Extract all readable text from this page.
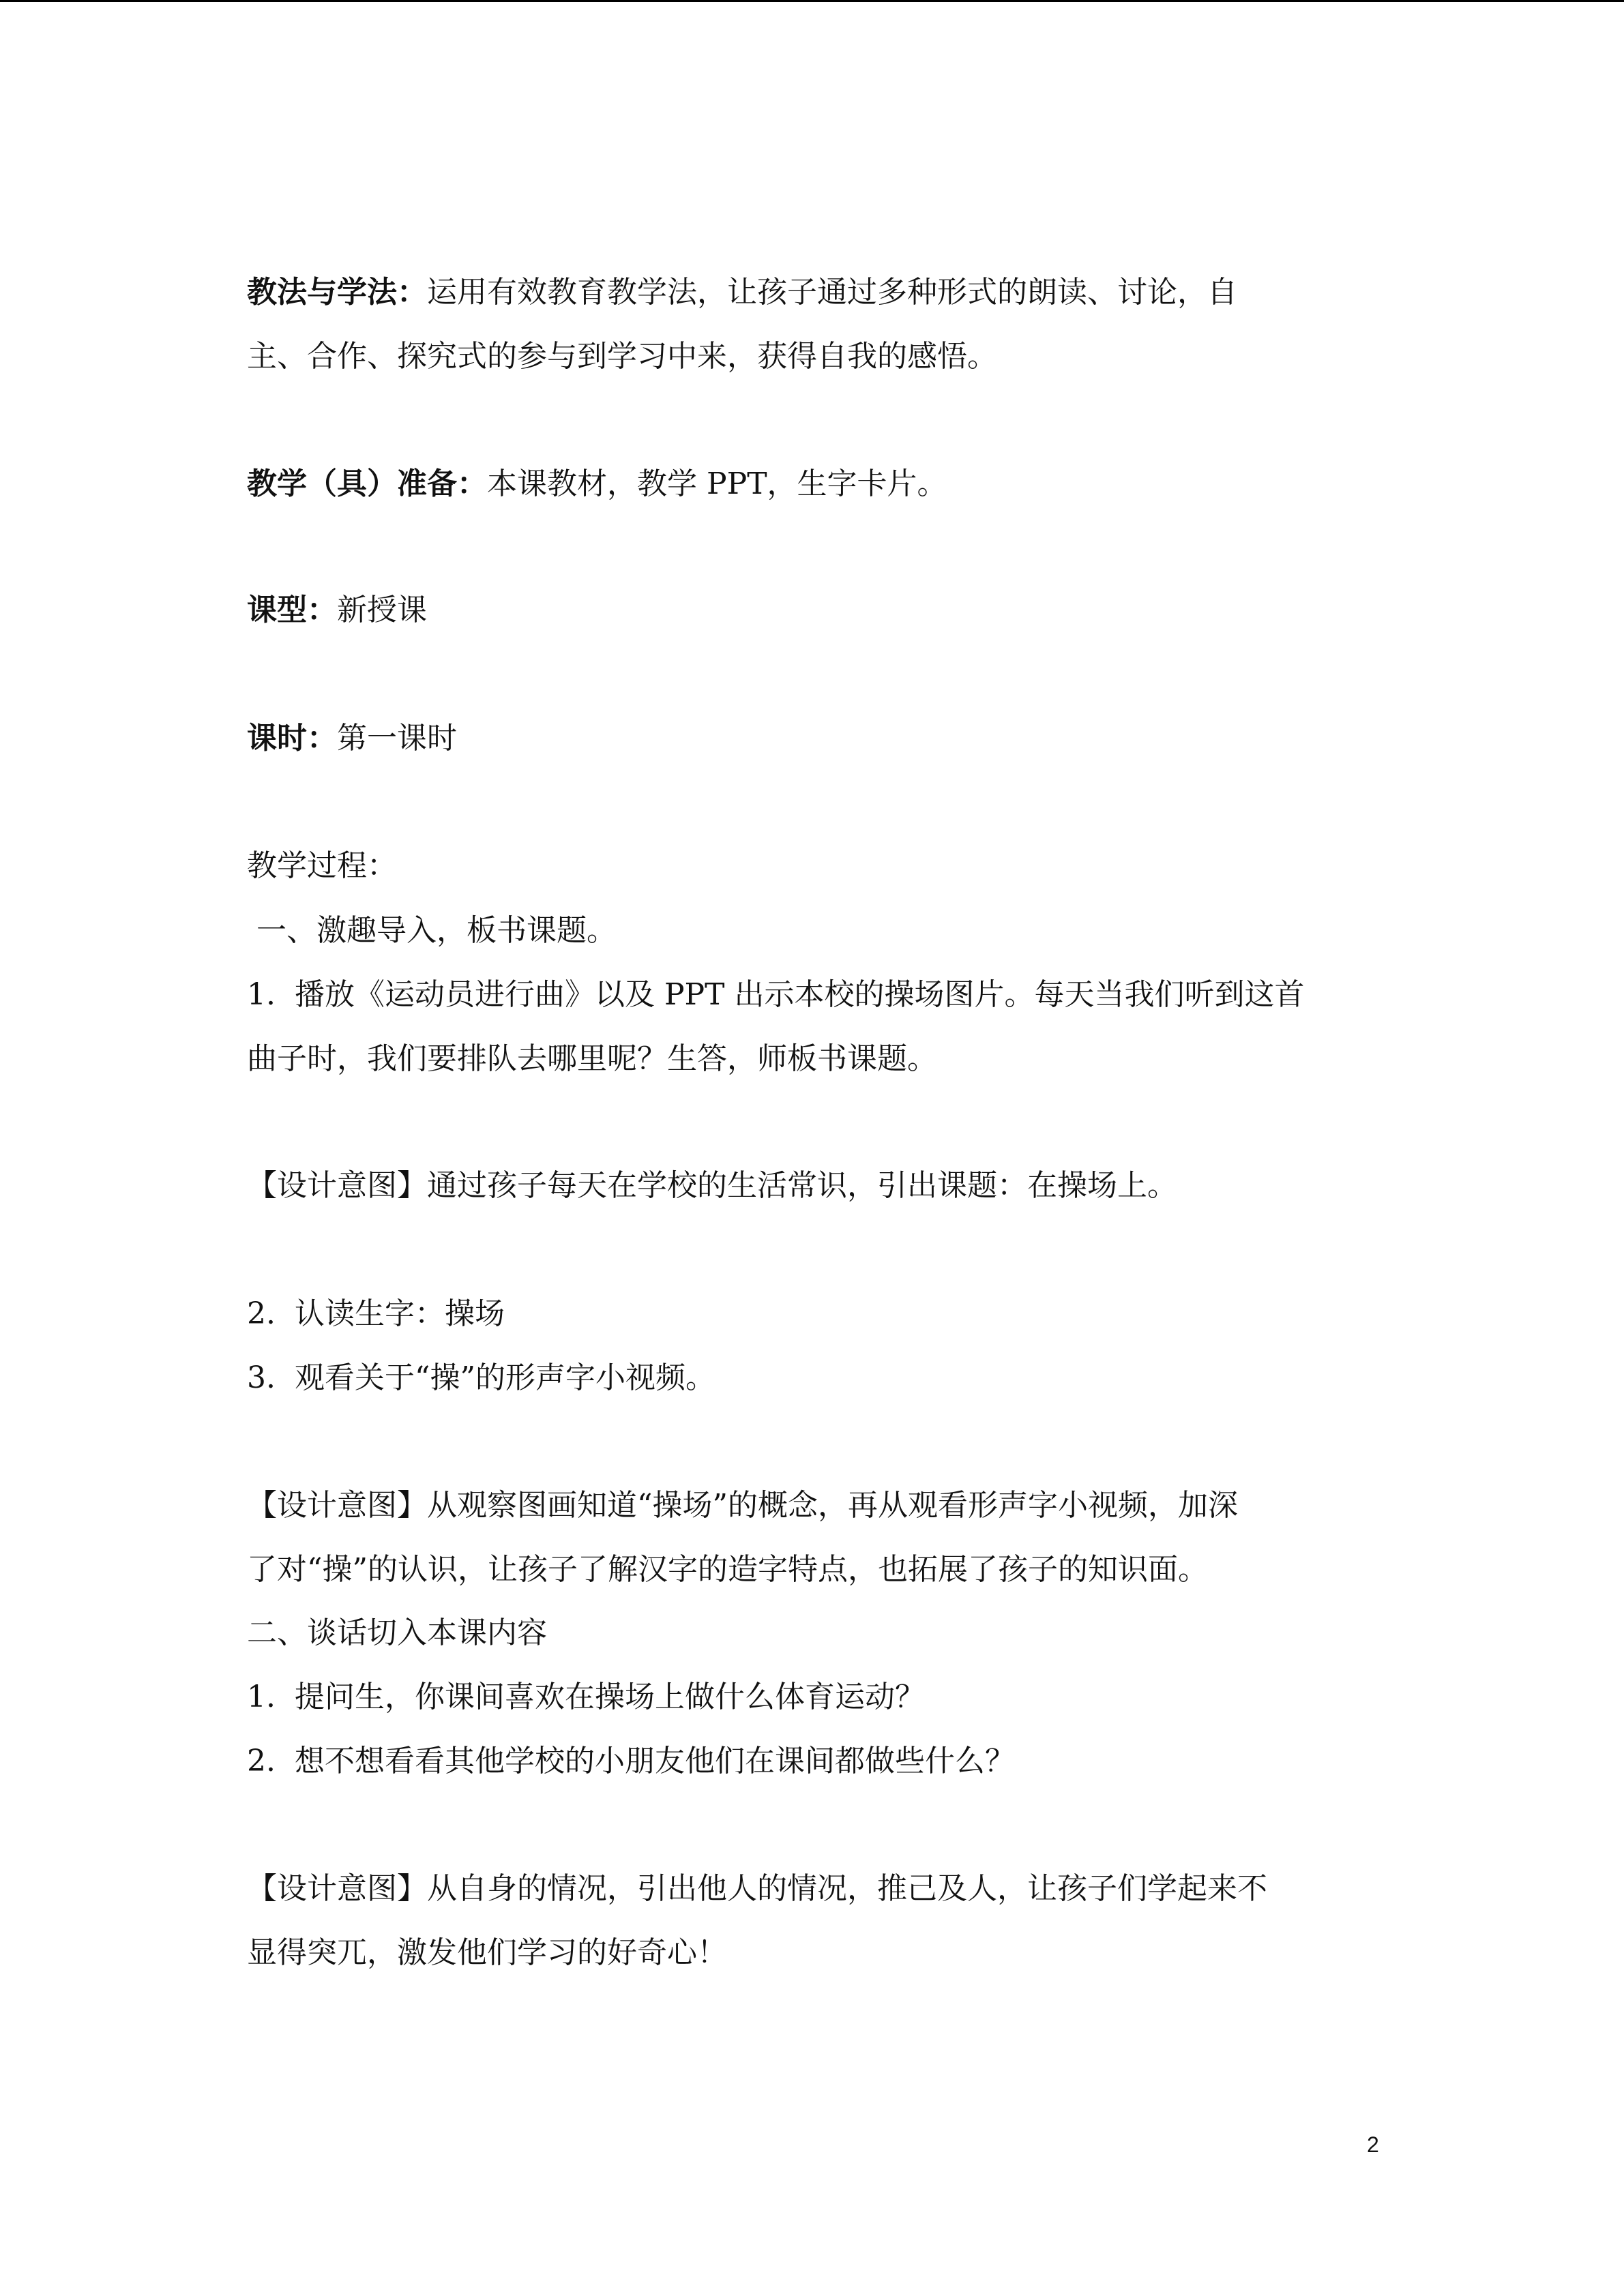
教法与学法：运用有效教育教学法，让孩子通过多种形式的朗读、讨论，自
主、合作、探究式的参与到学习中来，获得自我的感悟。
教学（具）准备：本课教材，教学 PPT，生字卡片。
课型：新授课
课时：第一课时
教学过程：
一、激趣导入，板书课题。
1.  播放《运动员进行曲》以及 PPT 出示本校的操场图片。每天当我们听到这首
曲子时，我们要排队去哪里呢？生答，师板书课题。
【设计意图】通过孩子每天在学校的生活常识，引出课题：在操场上。
2.  认读生字：操场
3.  观看关于“操”的形声字小视频。
【设计意图】从观察图画知道“操场”的概念，再从观看形声字小视频，加深
了对“操”的认识，让孩子了解汉字的造字特点，也拓展了孩子的知识面。
二、谈话切入本课内容
1.  提问生，你课间喜欢在操场上做什么体育运动？
2.  想不想看看其他学校的小朋友他们在课间都做些什么？
【设计意图】从自身的情况，引出他人的情况，推己及人，让孩子们学起来不
显得突兀，激发他们学习的好奇心！
2
